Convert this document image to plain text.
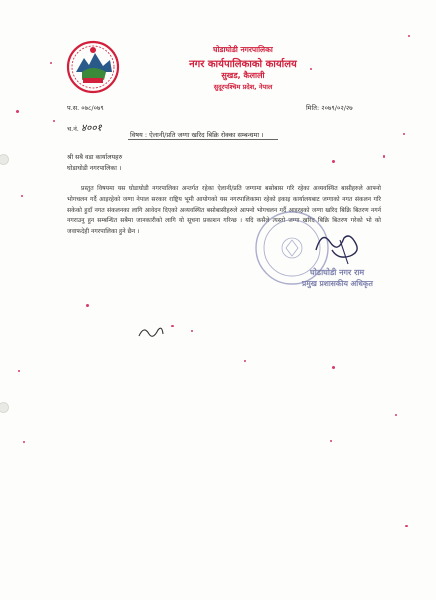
घोडाघोडी नगरपालिका
नगर कार्यपालिकाको कार्यालय
सुखड, कैलाली
सुदूरपश्चिम प्रदेश, नेपाल
प.स. ०७८/०७९
च.नं. ४००१
मिति: २०७९/०२/२७
विषय : ऐलानी/प्रति जग्गा खरिद बिक्रि रोक्का सम्बन्धमा ।
श्री सबै वडा कार्यालयहरु
घोडाघोडी नगरपालिका ।
प्रस्तुत विषयमा यस घोडाघोडी नगरपालिका अन्तर्गत रहेका ऐलानी/प्रति जग्गामा बसोबास गरि रहेका अव्यवस्थित बासीहरुले आफ्नो भोगचलन गर्दै आइरहेको जग्गा नेपाल सरकार राष्ट्रिय भूमी आयोगको यस नगरपालिकामा रहेको इकाइ कार्यालयबाट जग्गाको नगत संकलन गरि सकेको हुदाँ नगत संकलनका लागि आवेदन दिएको अव्यवस्थित बसोबासीहरुले आफ्नो भोगचलन गर्दै आइरहको जग्गा खरिद बिक्रि बितरण नगर्न नगराउनु हुन सम्बन्धित सबैमा जानकारीको लागि यो सूचना प्रकाशन गरिन्छ । यदि कसैले त्यस्तो जग्गा खरिद बिक्रि बितरण गरेको भो को जवाफदेही नगरपालिका हुने छैन ।
घोडाघोडी नगर राम
प्रमुख प्रशासकीय अधिकृत
